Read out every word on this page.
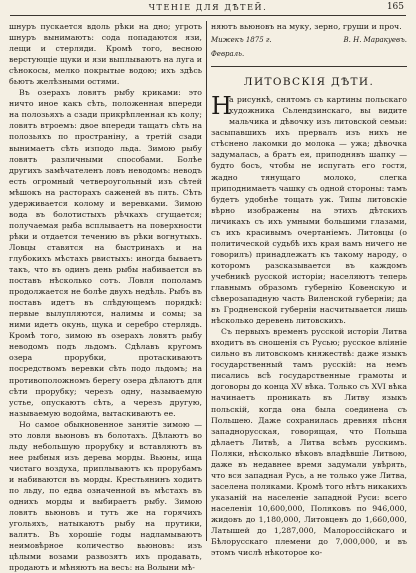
ЧТЕНІЕ ДЛЯ ДѢТЕЙ.	165

шнуръ пускается вдоль рѣки на дно; угроть шнуръ вынимаютъ: сода попадаются язи, лещи и стерляди. Кромѣ того, весною верстующіе щуки и язи выплываютъ на луга и сѣнокосы, мелко покрытые водою; ихъ здѣсь бьютъ желѣзными остями.

Въ озерахъ ловятъ рыбу криками: это ничто иное какъ сѣть, положенная впереди на полозьяхъ а сзади прикрѣпленная къ колу; ловятъ втроемъ: двое впереди тащатъ сѣть на полозьяхъ по пространіну, а третій сзади вынимаетъ сѣть изподо льда. Зимою рыбу ловятъ различными способами. Болѣе другихъ замѣчателенъ ловъ неводомъ: неводъ есть огромный четвероугольный изъ сѣтей мѣшокъ на расторахъ саженей въ пять. Сѣть удерживается колому и веревками. Зимою вода въ болотистыхъ рѣчкахъ сгущается; получаемая рыба всплываетъ на поверхности рѣки и отдается течению въ рѣки вогнутыхъ. Ловцы ставятся на быстринахъ и на глубокихъ мѣстахъ рвистыхъ: иногда бываетъ такъ, что въ одинъ день рыбы набивается въ поставъ нѣсколько сотъ. Ловля пополамъ продолжается не болѣе двухъ недѣль. Рыбъ въ поставъ идетъ въ слѣдующемъ порядкѣ: первые вылупляются, налимы и сомы; за ними идетъ окунь, щука и серебро стерлядь. Кромѣ того, зимою въ озерахъ ловятъ рыбу неводомъ подъ льдомъ. Сдѣлавъ кругомъ озера прорубки, протаскиваютъ посредствомъ веревки сѣть подо льдомъ; на противоположномъ берегу озера дѣлаютъ для сѣти прорубку; черезъ одну, называемую устье, опускаютъ сѣть, а черезъ другую, называемую водойма, вытаскиваютъ ее.

Но самое обыкновенное занятіе зимою — это ловля вьюновъ въ болотахъ. Дѣлаютъ во льду небольшую прорубку и вставляютъ въ нее рыбныя изъ дерева морды. Вьюны, ища чистаго воздуха, приплываютъ къ прорубамъ и набиваются въ морды. Крестьянинъ ходитъ по льду, по едва означенной въ мѣстахъ въ однихъ морды и выбираетъ рыбу. Зимою ловятъ вьюновъ и тутъ же на горячихъ угольяхъ, натыкаютъ рыбу на прутики, валятъ. Въ хорошіе годы надламываютъ неимовѣрное количество вьюновъ: изъ цѣлыми возами развозятъ ихъ продавать, продаютъ и мѣняютъ на весъ: на Волыни мѣ-

няютъ вьюновъ на муку, зерно, груши и проч.

Мижекъ 1875 г.	В. Н. Маракуевъ.
Февраль.
ЛИТОВСКІЯ ДѢТИ.

Н
а рисункѣ, снятомъ съ картины польскаго художника Сьлендзинскаго, вы видите мальчика и дѣвочку изъ литовской семьи: засыпавшихъ ихъ прервалъ изъ нихъ не стѣснено лакомки до молока — ужа; дѣвочка задумалась, а братъ ея, приподнявъ шапку — будто босъ, чтобы не испугать его гостя, жадно тянущаго молоко, слегка приподнимаетъ чашку съ одной стороны: тамъ будетъ удобнѣе тощать уж. Типы литовскіе вѣрно изображены на этихъ дѣтскихъ личикахъ съ ихъ умными большими глазами, съ ихъ красивымъ очертаніемъ. Литовцы (о политической судьбѣ ихъ края вамъ ничего не говорилъ) принадлежатъ къ такому народу, о которомъ разсказывается въ каждомъ учебникѣ русской исторіи; населяютъ теперь главнымъ образомъ губернію Ковенскую и сѣверозападную часть Виленской губерніи; да въ Гродненской губерніи насчитывается лишь нѣсколько деревень литовскихъ.

Съ первыхъ временъ русской исторіи Литва входитъ въ сношенія съ Русью; русское вліяніе сильно въ литовскомъ княжествѣ: даже языкъ государственный тамъ русскій: на немъ писались всѣ государственные грамоты и договоры до конца XV вѣка. Только съ XVI вѣка начинаетъ проникать въ Литву языкъ польскій, когда она была соединена съ Польшею. Даже сохранилась древняя пѣсня западнорусская, говорящая, что Польша дѣлаетъ Литвѣ, а Литва всѣмъ русскимъ. Поляки, нѣсколько вѣковъ владѣвшіе Литвою, даже въ недавнее время задумали увѣрять, что вся западная Русь, а не только уже Литва, заселена поляками. Кромѣ того нѣтъ никакихъ указаній на населеніе западной Руси: всего населенія 10,600,000, Поляковъ по 946,000, жидовъ до 1,180,000, Литовцевъ до 1,660,000, Латышей до 1,287,000, Малороссійскаго и Бѣлорусскаго племени до 7,000,000, и въ этомъ числѣ нѣкоторое ко-
